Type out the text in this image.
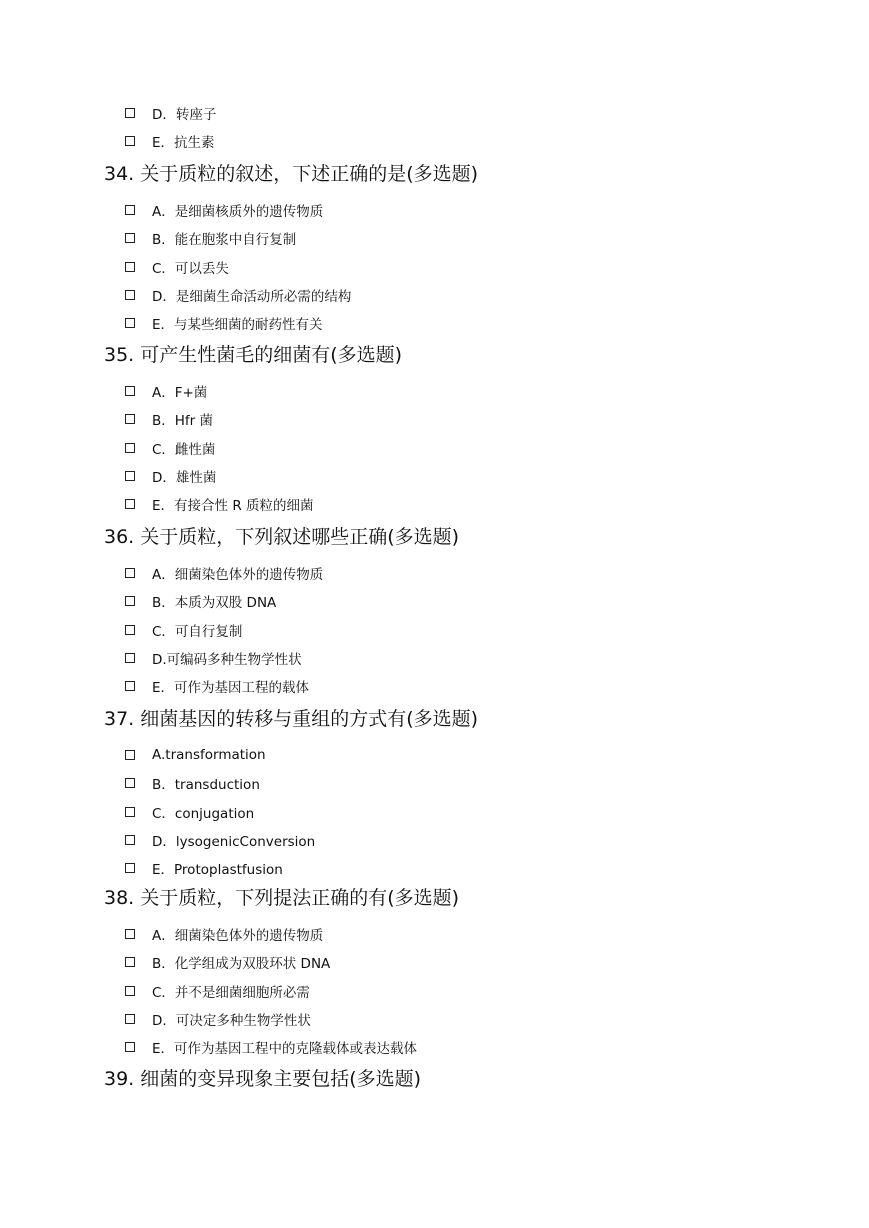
D．转座子
E．抗生素
34. 关于质粒的叙述，下述正确的是(多选题)
A．是细菌核质外的遗传物质
B．能在胞浆中自行复制
C．可以丢失
D．是细菌生命活动所必需的结构
E．与某些细菌的耐药性有关
35. 可产生性菌毛的细菌有(多选题)
A．F+菌
B．Hfr 菌
C．雌性菌
D．雄性菌
E．有接合性 R 质粒的细菌
36. 关于质粒，下列叙述哪些正确(多选题)
A．细菌染色体外的遗传物质
B．本质为双股 DNA
C．可自行复制
D.可编码多种生物学性状
E．可作为基因工程的载体
37. 细菌基因的转移与重组的方式有(多选题)
A.transformation
B．transduction
C．conjugation
D．lysogenicConversion
E．Protoplastfusion
38. 关于质粒，下列提法正确的有(多选题)
A．细菌染色体外的遗传物质
B．化学组成为双股环状 DNA
C．并不是细菌细胞所必需
D．可决定多种生物学性状
E．可作为基因工程中的克隆载体或表达载体
39. 细菌的变异现象主要包括(多选题)
